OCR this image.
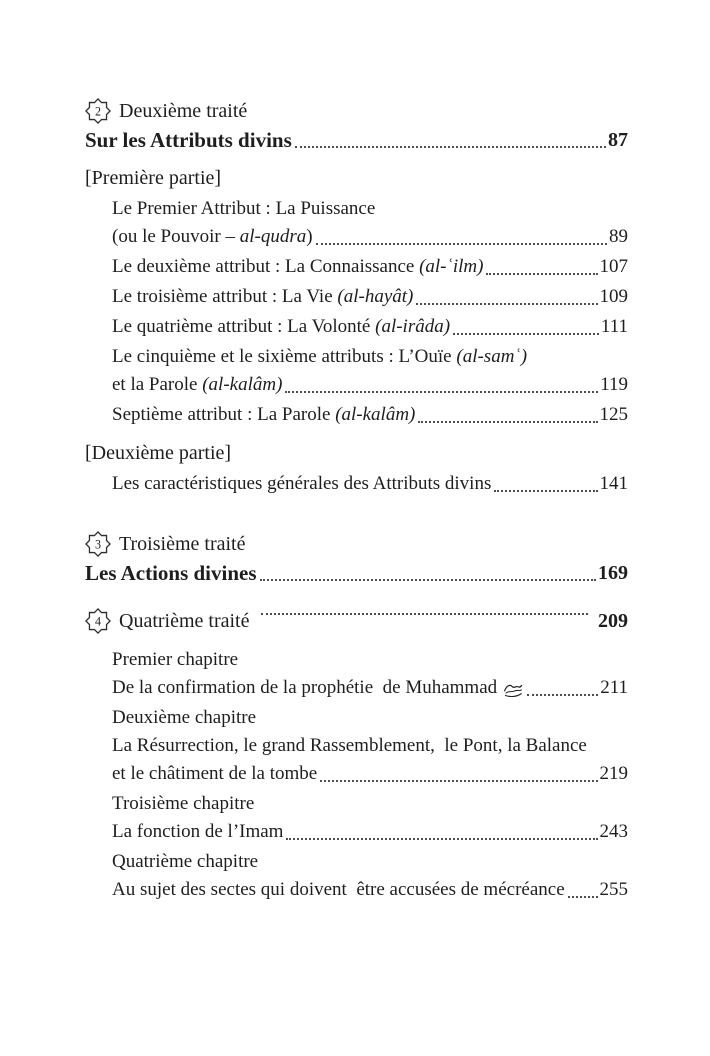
2 Deuxième traité
Sur les Attributs divins	87
[Première partie]
Le Premier Attribut : La Puissance
(ou le Pouvoir – al-qudra )	89
Le deuxième attribut : La Connaissance (al-ʿilm)	107
Le troisième attribut : La Vie (al-hayât)	109
Le quatrième attribut : La Volonté (al-irâda)	111
Le cinquième et le sixième attributs : L’Ouïe (al-samʿ)
et la Parole (al-kalâm)	119
Septième attribut : La Parole (al-kalâm)	125
[Deuxième partie]
Les caractéristiques générales des Attributs divins	141
3 Troisième traité
Les Actions divines	169
4 Quatrième traité	209
Premier chapitre
De la confirmation de la prophétie  de Muhammad	211
Deuxième chapitre
La Résurrection, le grand Rassemblement,  le Pont, la Balance
et le châtiment de la tombe	219
Troisième chapitre
La fonction de l’Imam	243
Quatrième chapitre
Au sujet des sectes qui doivent  être accusées de mécréance 255
